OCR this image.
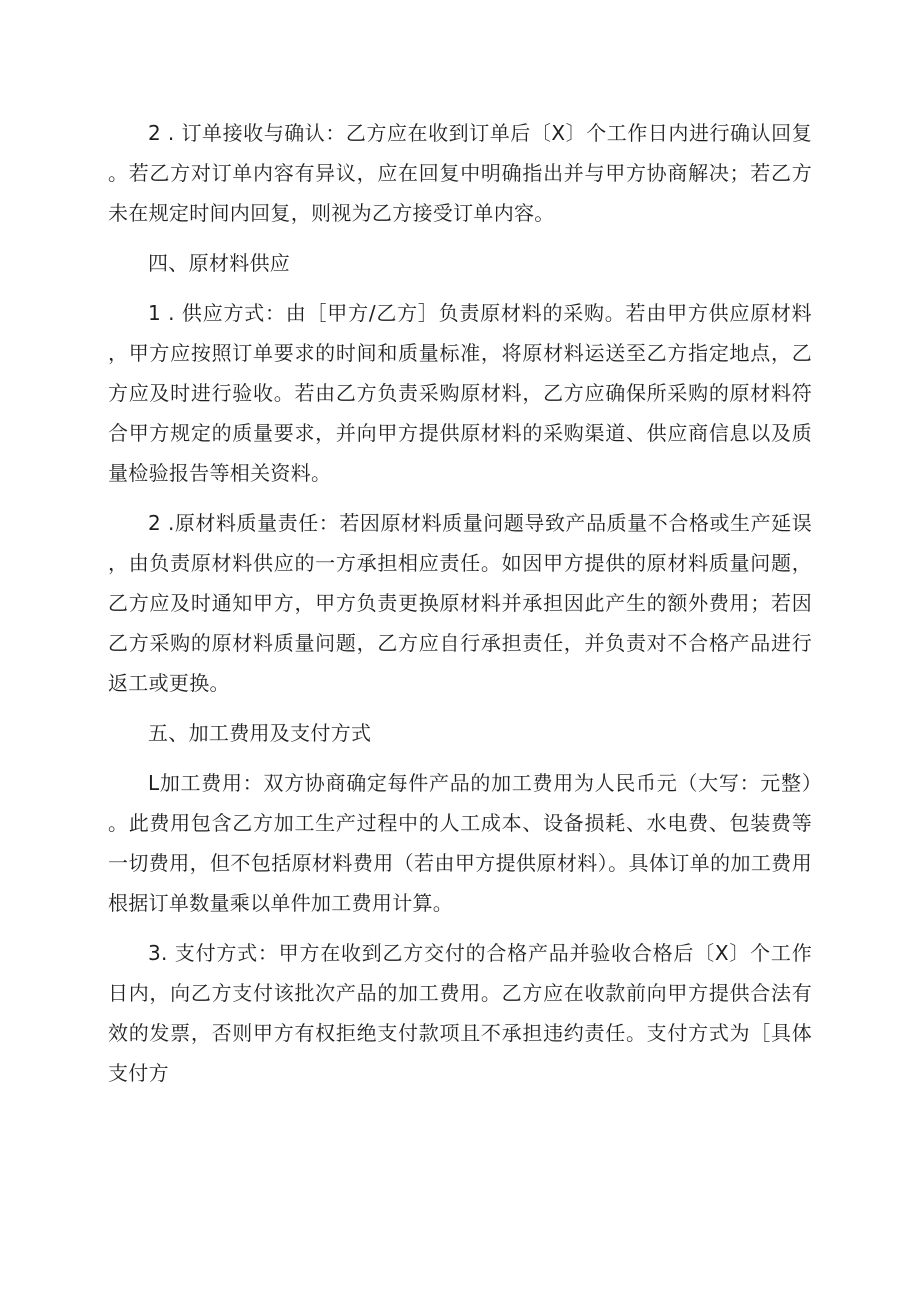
2 . 订单接收与确认：乙方应在收到订单后〔X〕个工作日内进行确认回复。若乙方对订单内容有异议，应在回复中明确指出并与甲方协商解决；若乙方未在规定时间内回复，则视为乙方接受订单内容。

四、原材料供应

1 . 供应方式：由［甲方/乙方］负责原材料的采购。若由甲方供应原材料，甲方应按照订单要求的时间和质量标准，将原材料运送至乙方指定地点，乙方应及时进行验收。若由乙方负责采购原材料，乙方应确保所采购的原材料符合甲方规定的质量要求，并向甲方提供原材料的采购渠道、供应商信息以及质量检验报告等相关资料。

2 .原材料质量责任：若因原材料质量问题导致产品质量不合格或生产延误，由负责原材料供应的一方承担相应责任。如因甲方提供的原材料质量问题，乙方应及时通知甲方，甲方负责更换原材料并承担因此产生的额外费用；若因乙方采购的原材料质量问题，乙方应自行承担责任，并负责对不合格产品进行返工或更换。

五、加工费用及支付方式

L加工费用：双方协商确定每件产品的加工费用为人民币元（大写：元整）。此费用包含乙方加工生产过程中的人工成本、设备损耗、水电费、包装费等一切费用，但不包括原材料费用（若由甲方提供原材料）。具体订单的加工费用根据订单数量乘以单件加工费用计算。

3. 支付方式：甲方在收到乙方交付的合格产品并验收合格后〔X〕个工作日内，向乙方支付该批次产品的加工费用。乙方应在收款前向甲方提供合法有效的发票，否则甲方有权拒绝支付款项且不承担违约责任。支付方式为［具体支付方
